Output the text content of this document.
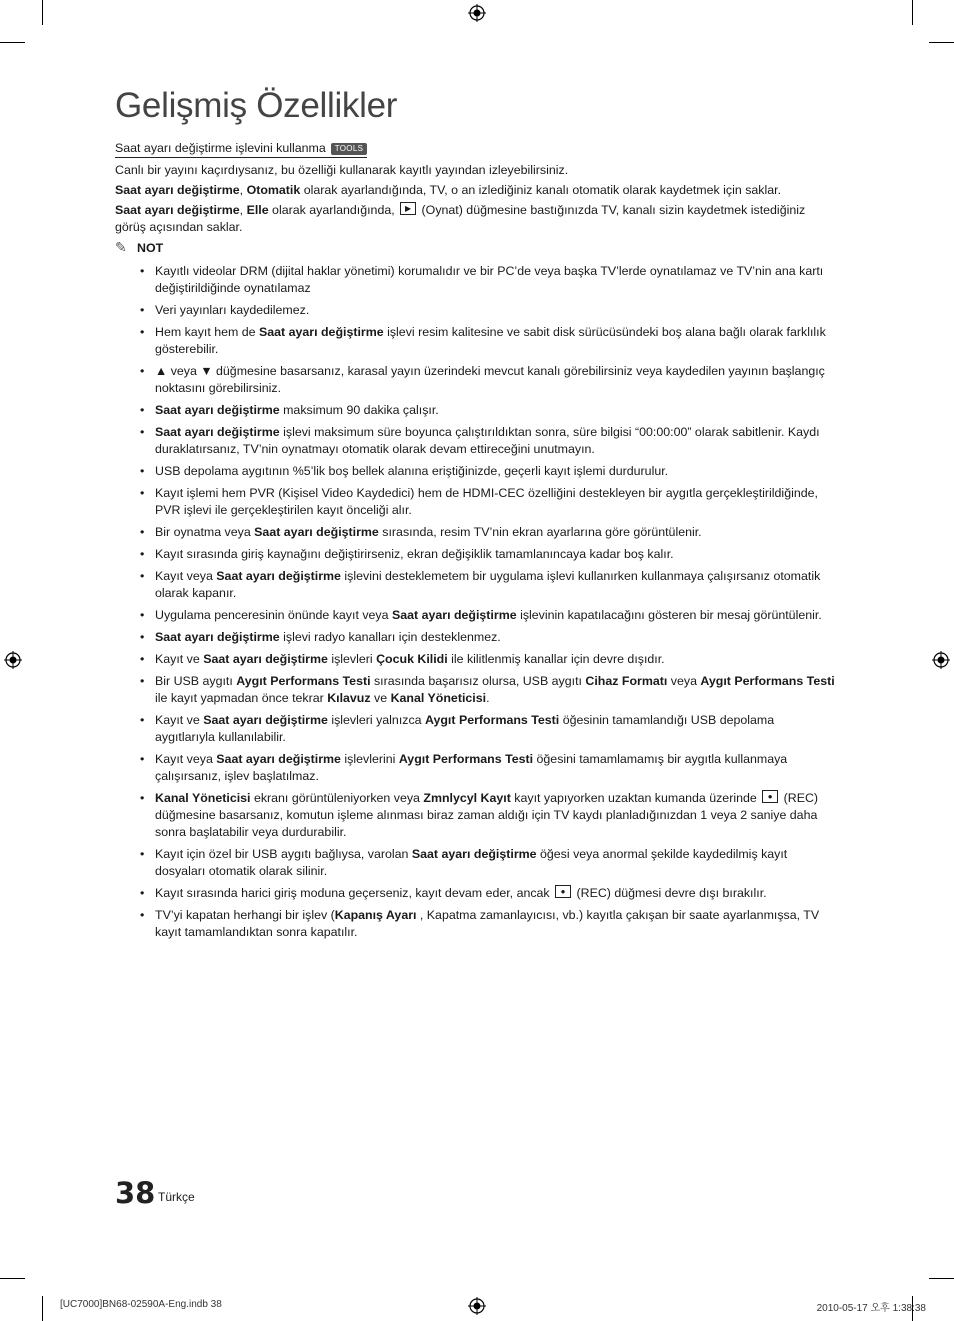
Gelişmiş Özellikler
Saat ayarı değiştirme işlevini kullanma TOOLS

Canlı bir yayını kaçırdıysanız, bu özelliği kullanarak kayıtlı yayından izleyebilirsiniz.

Saat ayarı değiştirme, Otomatik olarak ayarlandığında, TV, o an izlediğiniz kanalı otomatik olarak kaydetmek için saklar.

Saat ayarı değiştirme, Elle olarak ayarlandığında, ▶ (Oynat) düğmesine bastığınızda TV, kanalı sizin kaydetmek istediğiniz görüş açısından saklar.

✎ NOT
• Kayıtlı videolar DRM (dijital haklar yönetimi) korumalıdır ve bir PC’de veya başka TV’lerde oynatılamaz ve TV’nin ana kartı değiştirildiğinde oynatılamaz
• Veri yayınları kaydedilemez.
• Hem kayıt hem de Saat ayarı değiştirme işlevi resim kalitesine ve sabit disk sürücüsündeki boş alana bağlı olarak farklılık gösterebilir.
• ▲ veya ▼ düğmesine basarsanız, karasal yayın üzerindeki mevcut kanalı görebilirsiniz veya kaydedilen yayının başlangıç noktasını görebilirsiniz.
• Saat ayarı değiştirme maksimum 90 dakika çalışır.
• Saat ayarı değiştirme işlevi maksimum süre boyunca çalıştırıldıktan sonra, süre bilgisi “00:00:00” olarak sabitlenir. Kaydı duraklatırsanız, TV’nin oynatmayı otomatik olarak devam ettireceğini unutmayın.
• USB depolama aygıtının %5’lik boş bellek alanına eriştiğinizde, geçerli kayıt işlemi durdurulur.
• Kayıt işlemi hem PVR (Kişisel Video Kaydedici) hem de HDMI-CEC özelliğini destekleyen bir aygıtla gerçekleştirildiğinde, PVR işlevi ile gerçekleştirilen kayıt önceliği alır.
• Bir oynatma veya Saat ayarı değiştirme sırasında, resim TV’nin ekran ayarlarına göre görüntülenir.
• Kayıt sırasında giriş kaynağını değiştirirseniz, ekran değişiklik tamamlanıncaya kadar boş kalır.
• Kayıt veya Saat ayarı değiştirme işlevini desteklemetem bir uygulama işlevi kullanırken kullanmaya çalışırsanız otomatik olarak kapanır.
• Uygulama penceresinin önünde kayıt veya Saat ayarı değiştirme işlevinin kapatılacağını gösteren bir mesaj görüntülenir.
• Saat ayarı değiştirme işlevi radyo kanalları için desteklenmez.
• Kayıt ve Saat ayarı değiştirme işlevleri Çocuk Kilidi ile kilitlenmiş kanallar için devre dışıdır.
• Bir USB aygıtı Aygıt Performans Testi sırasında başarısız olursa, USB aygıtı Cihaz Formatı veya Aygıt Performans Testi ile kayıt yapmadan önce tekrar Kılavuz ve Kanal Yöneticisi.
• Kayıt ve Saat ayarı değiştirme işlevleri yalnızca Aygıt Performans Testi öğesinin tamamlandığı USB depolama aygıtlarıyla kullanılabilir.
• Kayıt veya Saat ayarı değiştirme işlevlerini Aygıt Performans Testi öğesini tamamlamamış bir aygıtla kullanmaya çalışırsanız, işlev başlatılmaz.
• Kanal Yöneticisi ekranı görüntüleniyorken veya Zmnlycyl Kayıt kayıt yapıyorken uzaktan kumanda üzerinde ● (REC) düğmesine basarsanız, komutun işleme alınması biraz zaman aldığı için TV kaydı planladığınızdan 1 veya 2 saniye daha sonra başlatabilir veya durdurabilir.
• Kayıt için özel bir USB aygıtı bağlıysa, varolan Saat ayarı değiştirme öğesi veya anormal şekilde kaydedilmiş kayıt dosyaları otomatik olarak silinir.
• Kayıt sırasında harici giriş moduna geçerseniz, kayıt devam eder, ancak ● (REC) düğmesi devre dışı bırakılır.
• TV’yi kapatan herhangi bir işlev (Kapanış Ayarı , Kapatma zamanlayıcısı, vb.) kayıtla çakışan bir saate ayarlanmışsa, TV kayıt tamamlandıktan sonra kapatılır.
38 Türkçe
[UC7000]BN68-02590A-Eng.indb 38	2010-05-17 오후 1:38:38
